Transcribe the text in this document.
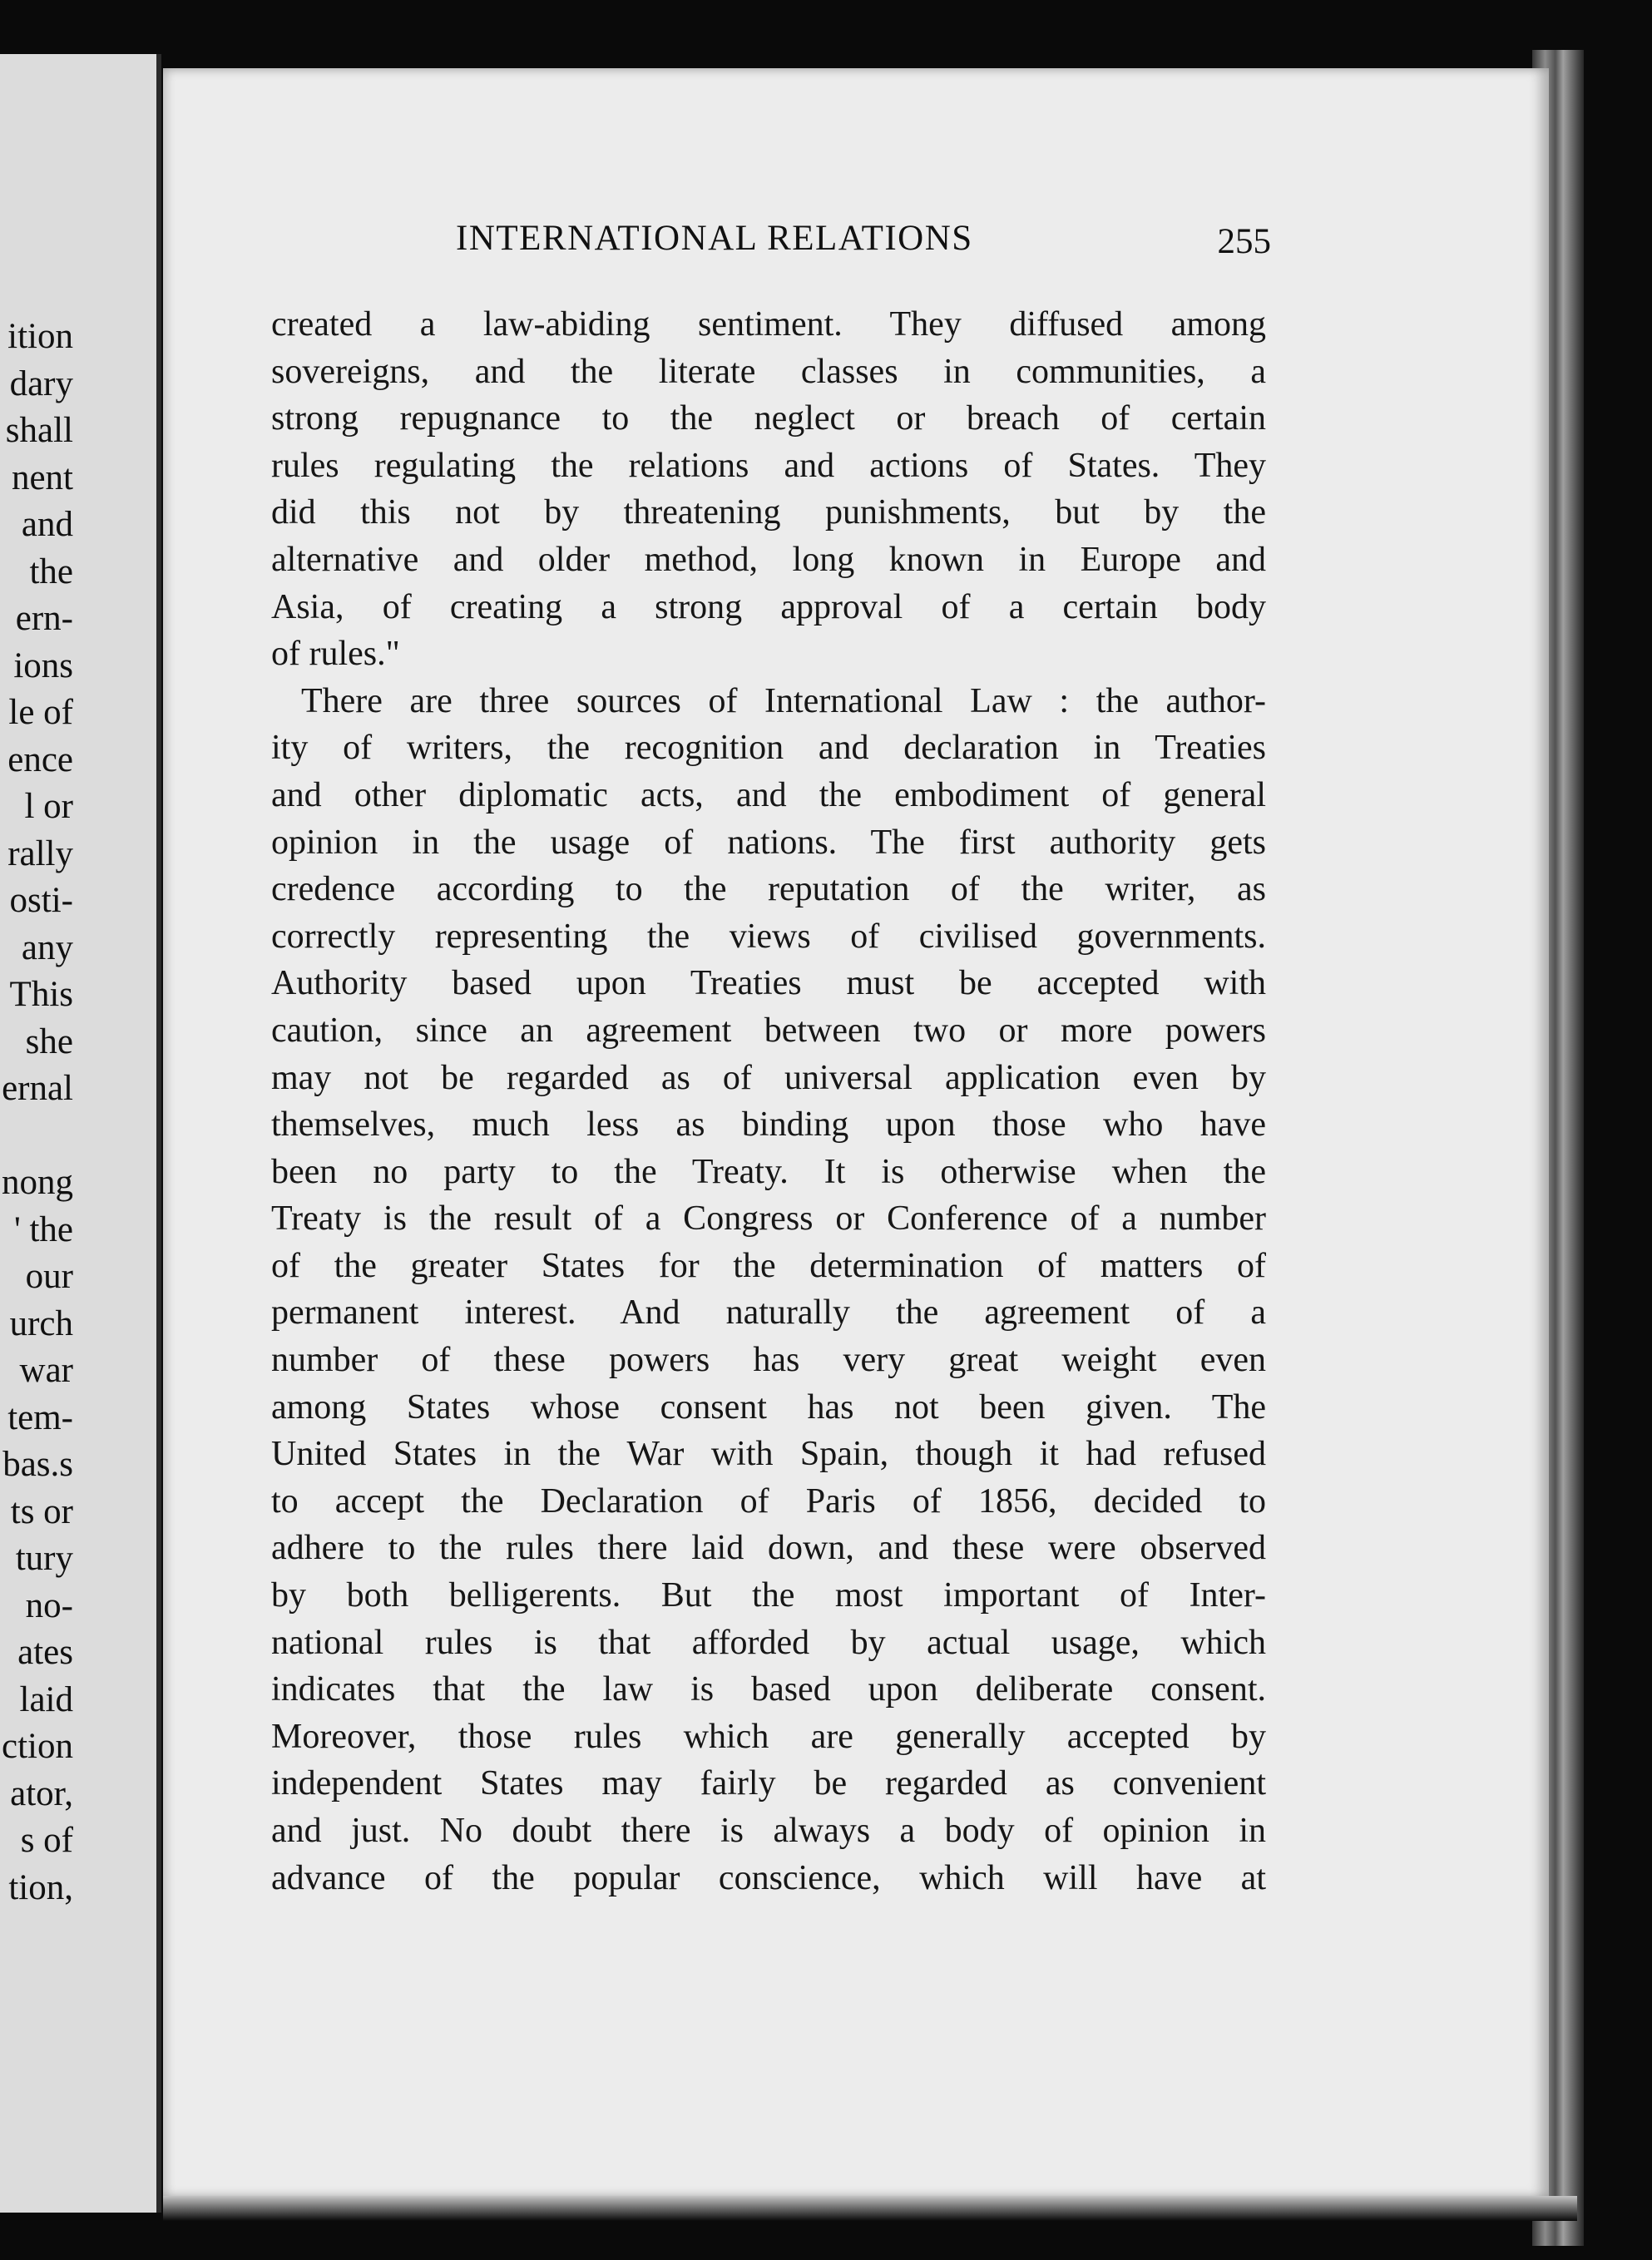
ition
dary
shall
nent
and
the
ern-
ions
le of
ence
l or
rally
osti-
any
This
she
ernal
nong
' the
our
urch
war
tem-
bas.s
ts or
tury
no-
ates
laid
ction
ator,
s of
tion,
INTERNATIONAL RELATIONS	255
created a law-abiding sentiment. They diffused among
sovereigns, and the literate classes in communities, a
strong repugnance to the neglect or breach of certain
rules regulating the relations and actions of States. They
did this not by threatening punishments, but by the
alternative and older method, long known in Europe and
Asia, of creating a strong approval of a certain body
of rules."
There are three sources of International Law : the author-
ity of writers, the recognition and declaration in Treaties
and other diplomatic acts, and the embodiment of general
opinion in the usage of nations. The first authority gets
credence according to the reputation of the writer, as
correctly representing the views of civilised governments.
Authority based upon Treaties must be accepted with
caution, since an agreement between two or more powers
may not be regarded as of universal application even by
themselves, much less as binding upon those who have
been no party to the Treaty. It is otherwise when the
Treaty is the result of a Congress or Conference of a number
of the greater States for the determination of matters of
permanent interest. And naturally the agreement of a
number of these powers has very great weight even
among States whose consent has not been given. The
United States in the War with Spain, though it had refused
to accept the Declaration of Paris of 1856, decided to
adhere to the rules there laid down, and these were observed
by both belligerents. But the most important of Inter-
national rules is that afforded by actual usage, which
indicates that the law is based upon deliberate consent.
Moreover, those rules which are generally accepted by
independent States may fairly be regarded as convenient
and just. No doubt there is always a body of opinion in
advance of the popular conscience, which will have at
